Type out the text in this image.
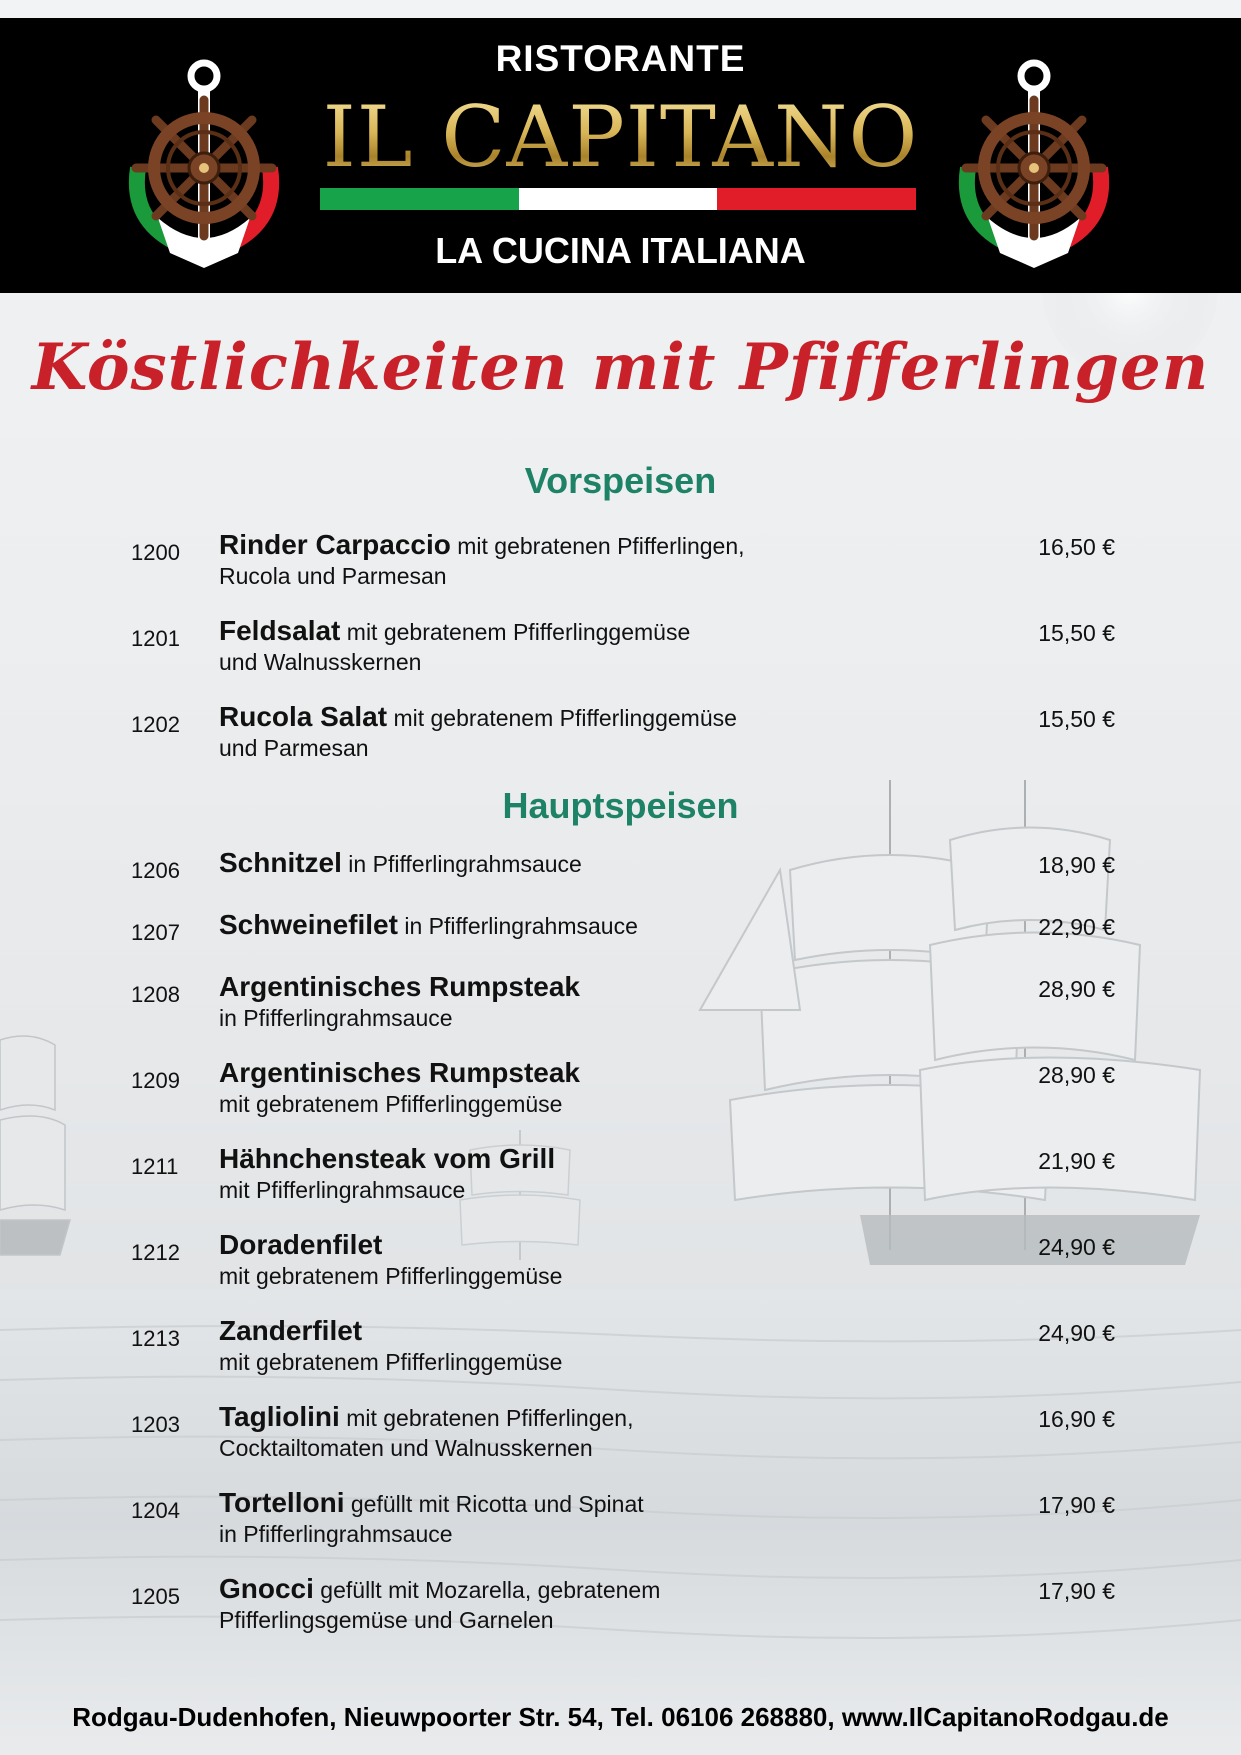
RISTORANTE
IL CAPITANO
LA CUCINA ITALIANA
Köstlichkeiten mit Pfifferlingen
Vorspeisen
Hauptspeisen
1200 Rinder Carpaccio mit gebratenen Pfifferlingen,
Rucola und Parmesan
16,50 €
1201 Feldsalat mit gebratenem Pfifferlinggemüse
und Walnusskernen
15,50 €
1202 Rucola Salat mit gebratenem Pfifferlinggemüse
und Parmesan
15,50 €
1206 Schnitzel in Pfifferlingrahmsauce	18,90 €
1207 Schweinefilet in Pfifferlingrahmsauce	22,90 €
1208 Argentinisches Rumpsteak
in Pfifferlingrahmsauce
28,90 €
1209 Argentinisches Rumpsteak
mit gebratenem Pfifferlinggemüse
28,90 €
1211 Hähnchensteak vom Grill
mit Pfifferlingrahmsauce
21,90 €
1212 Doradenfilet
mit gebratenem Pfifferlinggemüse
24,90 €
1213 Zanderfilet
mit gebratenem Pfifferlinggemüse
24,90 €
1203 Tagliolini mit gebratenen Pfifferlingen,
Cocktailtomaten und Walnusskernen
16,90 €
1204 Tortelloni gefüllt mit Ricotta und Spinat
in Pfifferlingrahmsauce
17,90 €
1205 Gnocci gefüllt mit Mozarella, gebratenem
Pfifferlingsgemüse und Garnelen
17,90 €
Rodgau-Dudenhofen, Nieuwpoorter Str. 54, Tel. 06106 268880, www.IlCapitanoRodgau.de
